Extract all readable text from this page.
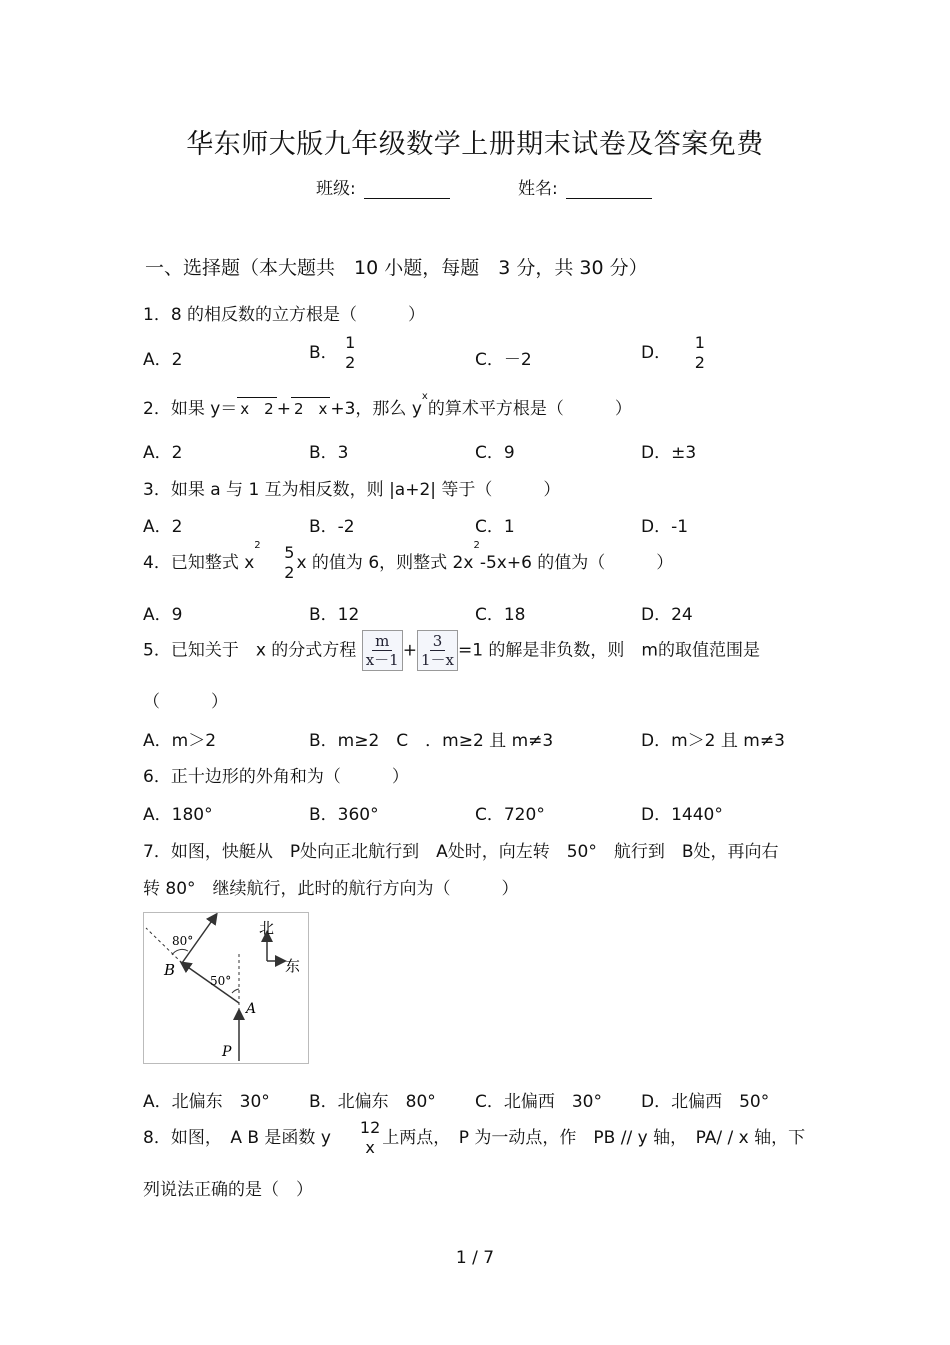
华东师大版九年级数学上册期末试卷及答案免费
班级:	姓名:
一、选择题（本大题共　10 小题，每题　3 分，共 30 分）
1．8 的相反数的立方根是（　　　）
A．2	B．
1
2	C．－2	D．
1
2
2．如果 y＝ x　2 + 2　x +3，那么 $y^x$的算术平方根是（　　　）
A．2	B．3	C．9	D．±3
3．如果 a 与 1 互为相反数，则 |a+2| 等于（　　　）
A．2	B．-2	C．1	D．-1
4．已知整式 $x^2$ 5
2 x 的值为 6，则整式 $2x^2-5x+6$ 的值为（　　　）
A．9	B．12	C．18	D．24
5．已知关于　x 的分式方程 $\frac{m}{x-1} + \frac{3}{1-x} =1$ 的解是非负数，则　m的取值范围是
（　　　）
A．m＞2	B．m≥2　C　．m≥2 且 m≠3	D．m＞2 且 m≠3
6．正十边形的外角和为（　　　）
A．180°	B．360°	C．720°	D．1440°
7．如图，快艇从　P处向正北航行到　A处时，向左转　50°　航行到　B处，再向右
转 80°　继续航行，此时的航行方向为（　　　）
80°
50°
B
A
P
北
东
A．北偏东　30° B．北偏东　80° C．北偏西　30° D．北偏西　50°
8．如图，　A B 是函数 y
12
x 上两点，　P 为一动点，作　PB // y 轴，　PA/ / x 轴，下
列说法正确的是（　）
1 / 7
